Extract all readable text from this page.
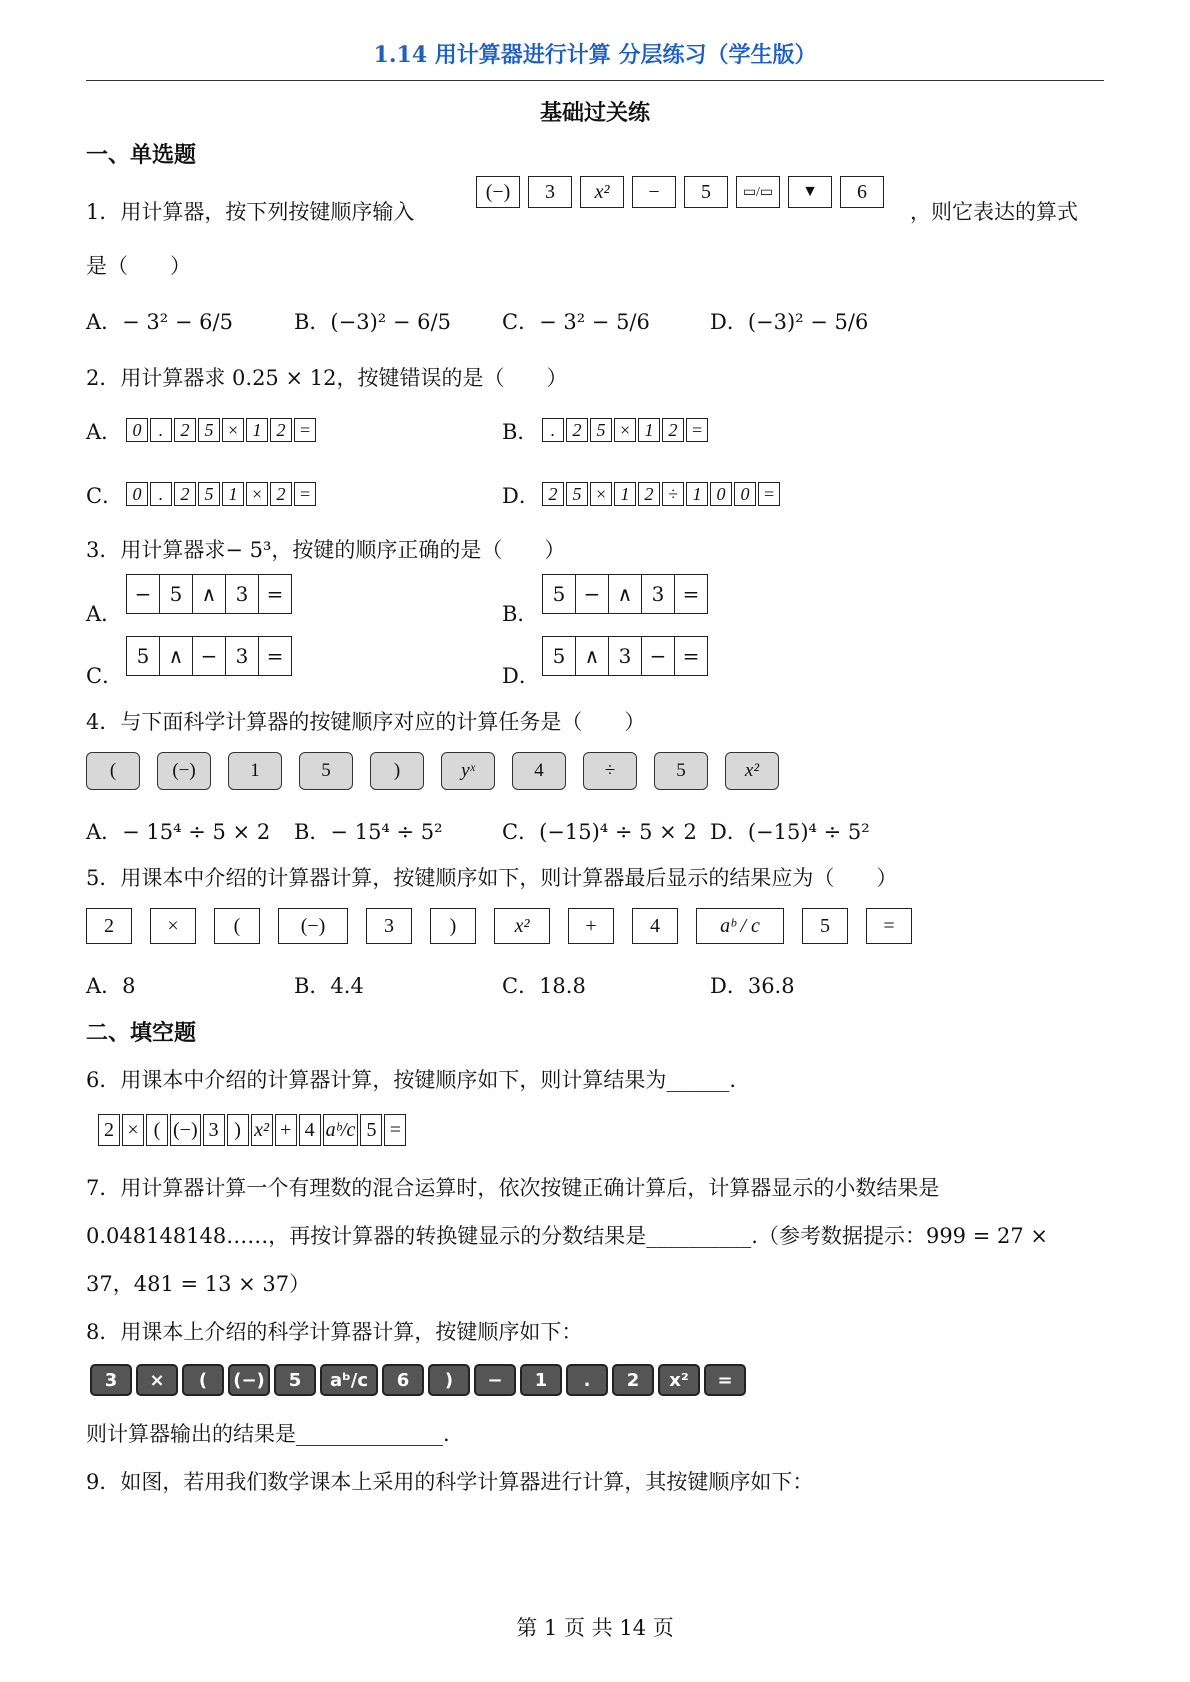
1.14 用计算器进行计算 分层练习（学生版）
基础过关练
一、单选题
1．用计算器，按下列按键顺序输入
(−)	3	x²	−	5	▭/▭	▼	6
，则它表达的算式
是（　　）
A．− 3² − 6/5	B．(−3)² − 6/5 C．− 3² − 5/6	D．(−3)² − 5/6
2．用计算器求 0.25 × 12，按键错误的是（　　）
A． 0 . 2 5 × 1 2 =	B． . 2 5 × 1 2 =
C． 0 . 2 5 1 × 2 =	D． 2 5 × 1 2 ÷ 1 0 0 =
3．用计算器求− 5³，按键的顺序正确的是（　　）
A．
− 5 ∧ 3 =
B．
5 − ∧ 3 =
C．
5 ∧ − 3 =
D．
5 ∧ 3 − =
4．与下面科学计算器的按键顺序对应的计算任务是（　　）
(	(−)	1	5	)	yˣ	4	÷	5	x²
A．− 15⁴ ÷ 5 × 2 B．− 15⁴ ÷ 5²	C．(−15)⁴ ÷ 5 × 2 D．(−15)⁴ ÷ 5²
5．用课本中介绍的计算器计算，按键顺序如下，则计算器最后显示的结果应为（　　）
2	×	(	(−)	3	)	x²	+	4	aᵇ / c	5	=
A．8	B．4.4	C．18.8	D．36.8
二、填空题
6．用课本中介绍的计算器计算，按键顺序如下，则计算结果为______.
2 × ( (−) 3 ) x² + 4 aᵇ/c 5 =
7．用计算器计算一个有理数的混合运算时，依次按键正确计算后，计算器显示的小数结果是
0.048148148……，再按计算器的转换键显示的分数结果是__________.（参考数据提示：999 = 27 ×
37，481 = 13 × 37）
8．用课本上介绍的科学计算器计算，按键顺序如下：
3	×	(	(−)	5	aᵇ/c	6	)	−	1	.	2	x²	=
则计算器输出的结果是______________.
9．如图，若用我们数学课本上采用的科学计算器进行计算，其按键顺序如下：
第 1 页 共 14 页
